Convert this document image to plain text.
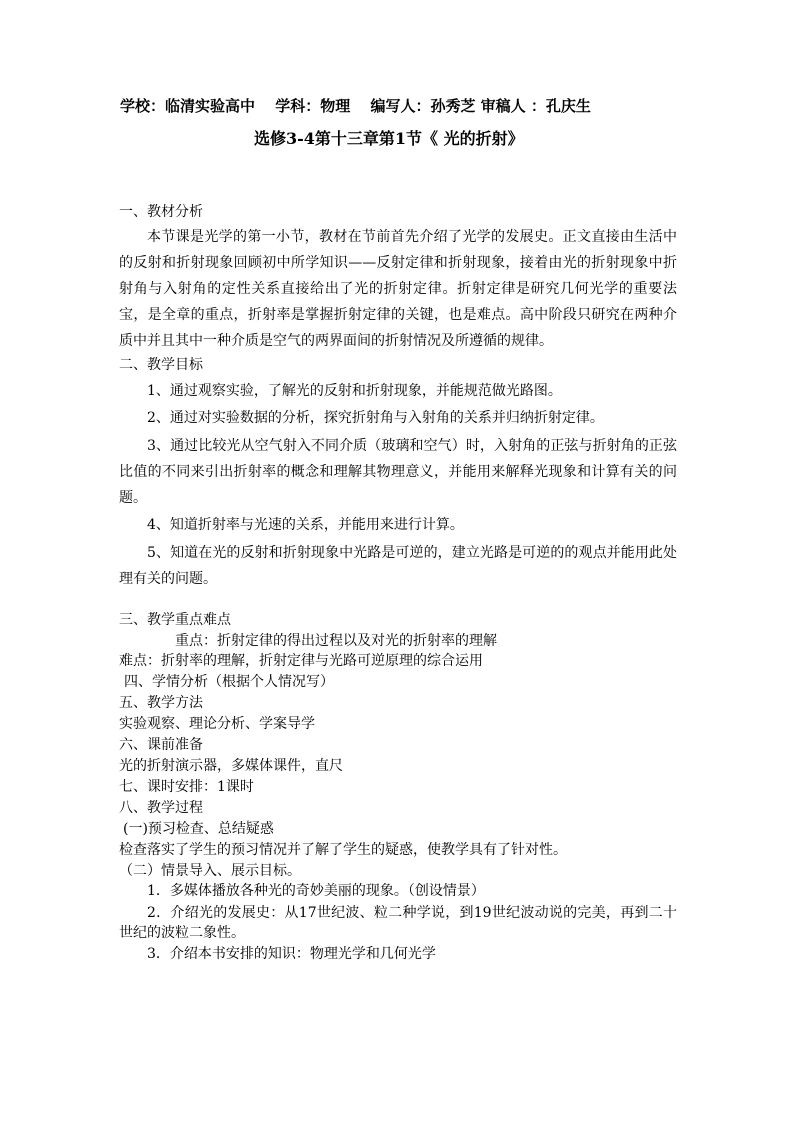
学校：临清实验高中　 学科：物理　 编写人：孙秀芝 审稿人 ：孔庆生
选修3-4第十三章第1节《 光的折射》
一、教材分析
本节课是光学的第一小节，教材在节前首先介绍了光学的发展史。正文直接由生活中的反射和折射现象回顾初中所学知识——反射定律和折射现象，接着由光的折射现象中折射角与入射角的定性关系直接给出了光的折射定律。折射定律是研究几何光学的重要法宝，是全章的重点，折射率是掌握折射定律的关键，也是难点。高中阶段只研究在两种介质中并且其中一种介质是空气的两界面间的折射情况及所遵循的规律。
二、教学目标
1、通过观察实验，了解光的反射和折射现象，并能规范做光路图。
2、通过对实验数据的分析，探究折射角与入射角的关系并归纳折射定律。
3、通过比较光从空气射入不同介质（玻璃和空气）时，入射角的正弦与折射角的正弦比值的不同来引出折射率的概念和理解其物理意义，并能用来解释光现象和计算有关的问题。
4、知道折射率与光速的关系，并能用来进行计算。
5、知道在光的反射和折射现象中光路是可逆的，建立光路是可逆的的观点并能用此处理有关的问题。
三、教学重点难点
重点：折射定律的得出过程以及对光的折射率的理解
难点：折射率的理解，折射定律与光路可逆原理的综合运用
四、学情分析（根据个人情况写）
五、教学方法
实验观察、理论分析、学案导学
六、课前准备
光的折射演示器，多媒体课件，直尺
七、课时安排：1课时
八、教学过程
(一)预习检查、总结疑惑
检查落实了学生的预习情况并了解了学生的疑惑，使教学具有了针对性。
（二）情景导入、展示目标。
1．多媒体播放各种光的奇妙美丽的现象。（创设情景）
2．介绍光的发展史：从17世纪波、粒二种学说，到19世纪波动说的完美，再到二十世纪的波粒二象性。
3．介绍本书安排的知识：物理光学和几何光学
